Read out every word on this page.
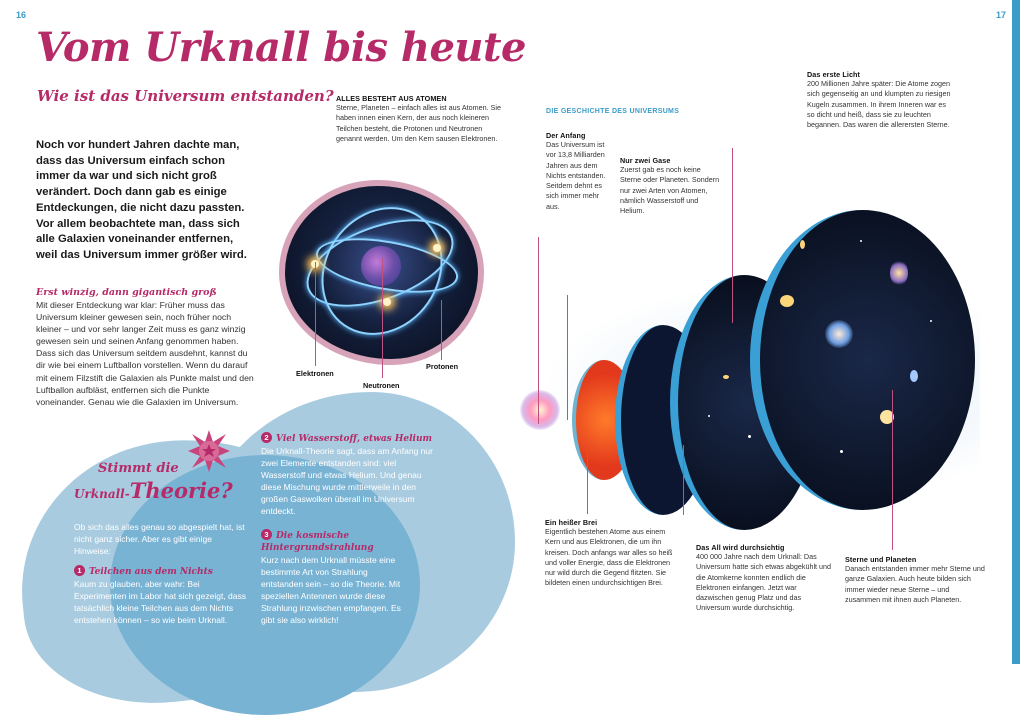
16	17
Vom Urknall bis heute
Wie ist das Universum entstanden?
Noch vor hundert Jahren dachte man, dass das Universum einfach schon immer da war und sich nicht groß verändert. Doch dann gab es einige Entdeckungen, die nicht dazu passten. Vor allem beobachtete man, dass sich alle Galaxien voneinander entfernen, weil das Universum immer größer wird.
Erst winzig, dann gigantisch groß
Mit dieser Entdeckung war klar: Früher muss das Universum kleiner gewesen sein, noch früher noch kleiner – und vor sehr langer Zeit muss es ganz winzig gewesen sein und seinen Anfang genommen haben. Dass sich das Universum seitdem ausdehnt, kannst du dir wie bei einem Luftballon vorstellen. Wenn du darauf mit einem Filzstift die Galaxien als Punkte malst und den Luftballon aufbläst, entfernen sich die Punkte voneinander. Genau wie die Galaxien im Universum.
ALLES BESTEHT AUS ATOMEN
Sterne, Planeten – einfach alles ist aus Atomen. Sie haben innen einen Kern, der aus noch kleineren Teilchen besteht, die Protonen und Neutronen genannt werden. Um den Kern sausen Elektronen.
Elektronen
Neutronen
Protonen
Stimmt die
Urknall-Theorie?
Ob sich das alles genau so abgespielt hat, ist nicht ganz sicher. Aber es gibt einige Hinweise:
1 Teilchen aus dem Nichts
Kaum zu glauben, aber wahr: Bei Experimenten im Labor hat sich gezeigt, dass tatsächlich kleine Teilchen aus dem Nichts entstehen können – so wie beim Urknall.
2 Viel Wasserstoff, etwas Helium
Die Urknall-Theorie sagt, dass am Anfang nur zwei Elemente entstanden sind: viel Wasserstoff und etwas Helium. Und genau diese Mischung wurde mittlerweile in den großen Gaswolken überall im Universum entdeckt.
3 Die kosmische Hintergrundstrahlung
Kurz nach dem Urknall müsste eine bestimmte Art von Strahlung entstanden sein – so die Theorie. Mit speziellen Antennen wurde diese Strahlung inzwischen empfangen. Es gibt sie also wirklich!
DIE GESCHICHTE DES UNIVERSUMS
Der Anfang
Das Universum ist vor 13,8 Milliarden Jahren aus dem Nichts entstanden. Seitdem dehnt es sich immer mehr aus.
Nur zwei Gase
Zuerst gab es noch keine Sterne oder Planeten. Sondern nur zwei Arten von Atomen, nämlich Wasserstoff und Helium.
Das erste Licht
200 Millionen Jahre später: Die Atome zogen sich gegenseitig an und klumpten zu riesigen Kugeln zusammen. In ihrem Inneren war es so dicht und heiß, dass sie zu leuchten begannen. Das waren die allerersten Sterne.
Ein heißer Brei
Eigentlich bestehen Atome aus einem Kern und aus Elektronen, die um ihn kreisen. Doch anfangs war alles so heiß und voller Energie, dass die Elektronen nur wild durch die Gegend flitzten. Sie bildeten einen undurchsichtigen Brei.
Das All wird durchsichtig
400 000 Jahre nach dem Urknall: Das Universum hatte sich etwas abgekühlt und die Atomkerne konnten endlich die Elektronen einfangen. Jetzt war dazwischen genug Platz und das Universum wurde durchsichtig.
Sterne und Planeten
Danach entstanden immer mehr Sterne und ganze Galaxien. Auch heute bilden sich immer wieder neue Sterne – und zusammen mit ihnen auch Planeten.
